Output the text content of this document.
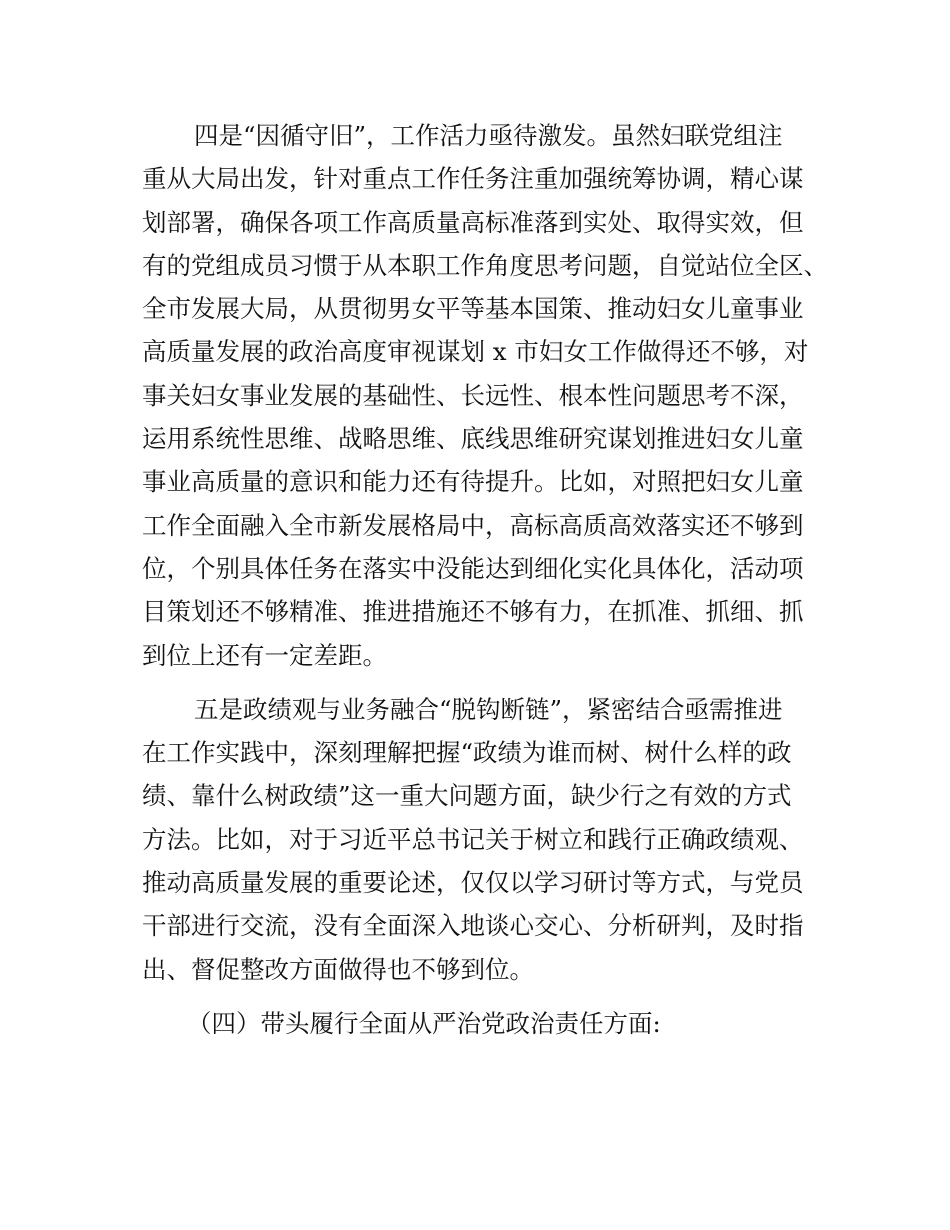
四是“因循守旧”，工作活力亟待激发。虽然妇联党组注
重从大局出发，针对重点工作任务注重加强统筹协调，精心谋
划部署，确保各项工作高质量高标准落到实处、取得实效，但
有的党组成员习惯于从本职工作角度思考问题，自觉站位全区、
全市发展大局，从贯彻男女平等基本国策、推动妇女儿童事业
高质量发展的政治高度审视谋划 x 市妇女工作做得还不够，对
事关妇女事业发展的基础性、长远性、根本性问题思考不深，
运用系统性思维、战略思维、底线思维研究谋划推进妇女儿童
事业高质量的意识和能力还有待提升。比如，对照把妇女儿童
工作全面融入全市新发展格局中，高标高质高效落实还不够到
位，个别具体任务在落实中没能达到细化实化具体化，活动项
目策划还不够精准、推进措施还不够有力，在抓准、抓细、抓
到位上还有一定差距。
五是政绩观与业务融合“脱钩断链”，紧密结合亟需推进
在工作实践中，深刻理解把握“政绩为谁而树、树什么样的政
绩、靠什么树政绩”这一重大问题方面，缺少行之有效的方式
方法。比如，对于习近平总书记关于树立和践行正确政绩观、
推动高质量发展的重要论述，仅仅以学习研讨等方式，与党员
干部进行交流，没有全面深入地谈心交心、分析研判，及时指
出、督促整改方面做得也不够到位。
（四）带头履行全面从严治党政治责任方面:
